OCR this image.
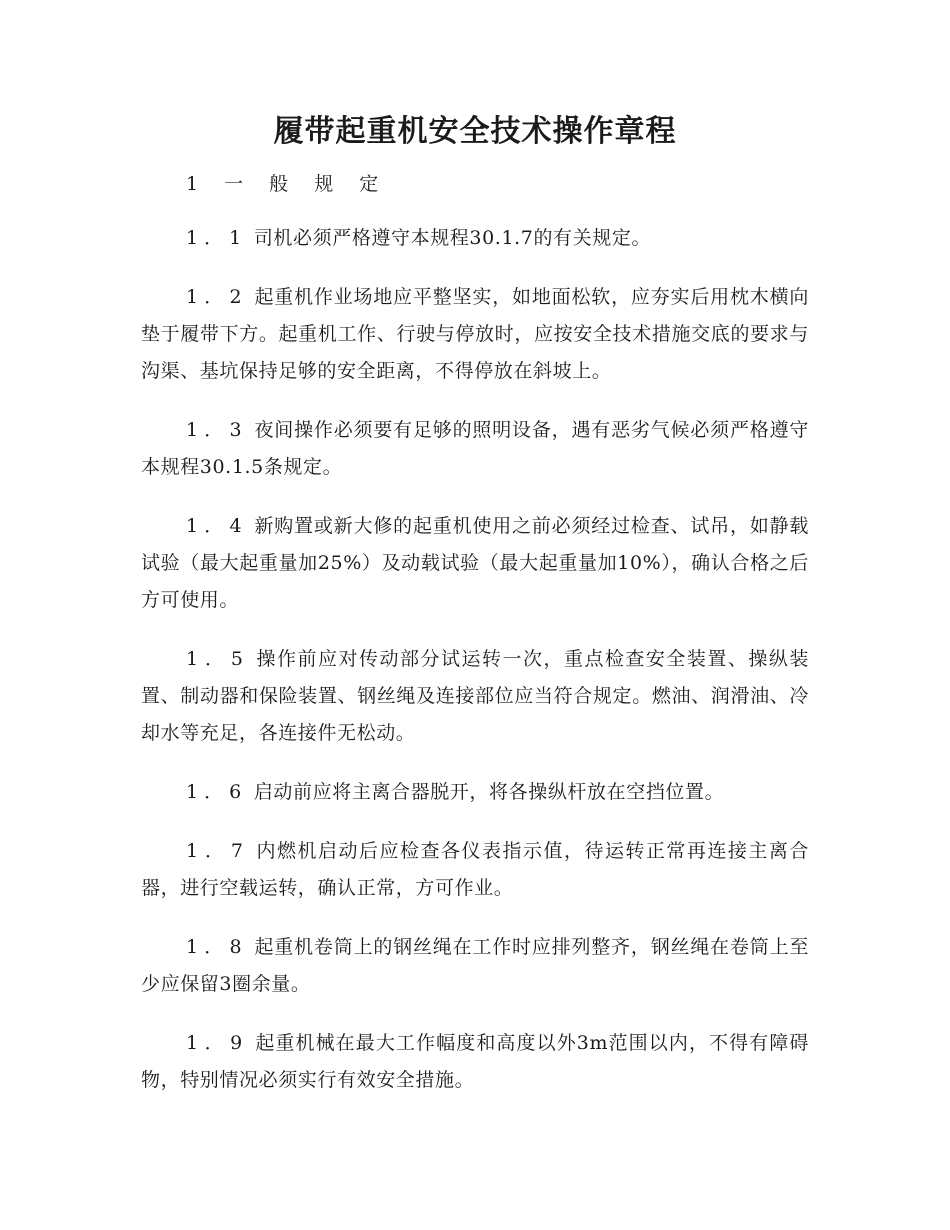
履带起重机安全技术操作章程
1 一 般 规 定

1．1 司机必须严格遵守本规程30.1.7的有关规定。

1．2 起重机作业场地应平整坚实，如地面松软，应夯实后用枕木横向垫于履带下方。起重机工作、行驶与停放时，应按安全技术措施交底的要求与沟渠、基坑保持足够的安全距离，不得停放在斜坡上。

1．3 夜间操作必须要有足够的照明设备，遇有恶劣气候必须严格遵守本规程30.1.5条规定。

1．4 新购置或新大修的起重机使用之前必须经过检查、试吊，如静载试验（最大起重量加25%）及动载试验（最大起重量加10%），确认合格之后方可使用。

1．5 操作前应对传动部分试运转一次，重点检查安全装置、操纵装置、制动器和保险装置、钢丝绳及连接部位应当符合规定。燃油、润滑油、冷却水等充足，各连接件无松动。

1．6 启动前应将主离合器脱开，将各操纵杆放在空挡位置。

1．7 内燃机启动后应检查各仪表指示值，待运转正常再连接主离合器，进行空载运转，确认正常，方可作业。

1．8 起重机卷筒上的钢丝绳在工作时应排列整齐，钢丝绳在卷筒上至少应保留3圈余量。

1．9 起重机械在最大工作幅度和高度以外3m范围以内，不得有障碍物，特别情况必须实行有效安全措施。
